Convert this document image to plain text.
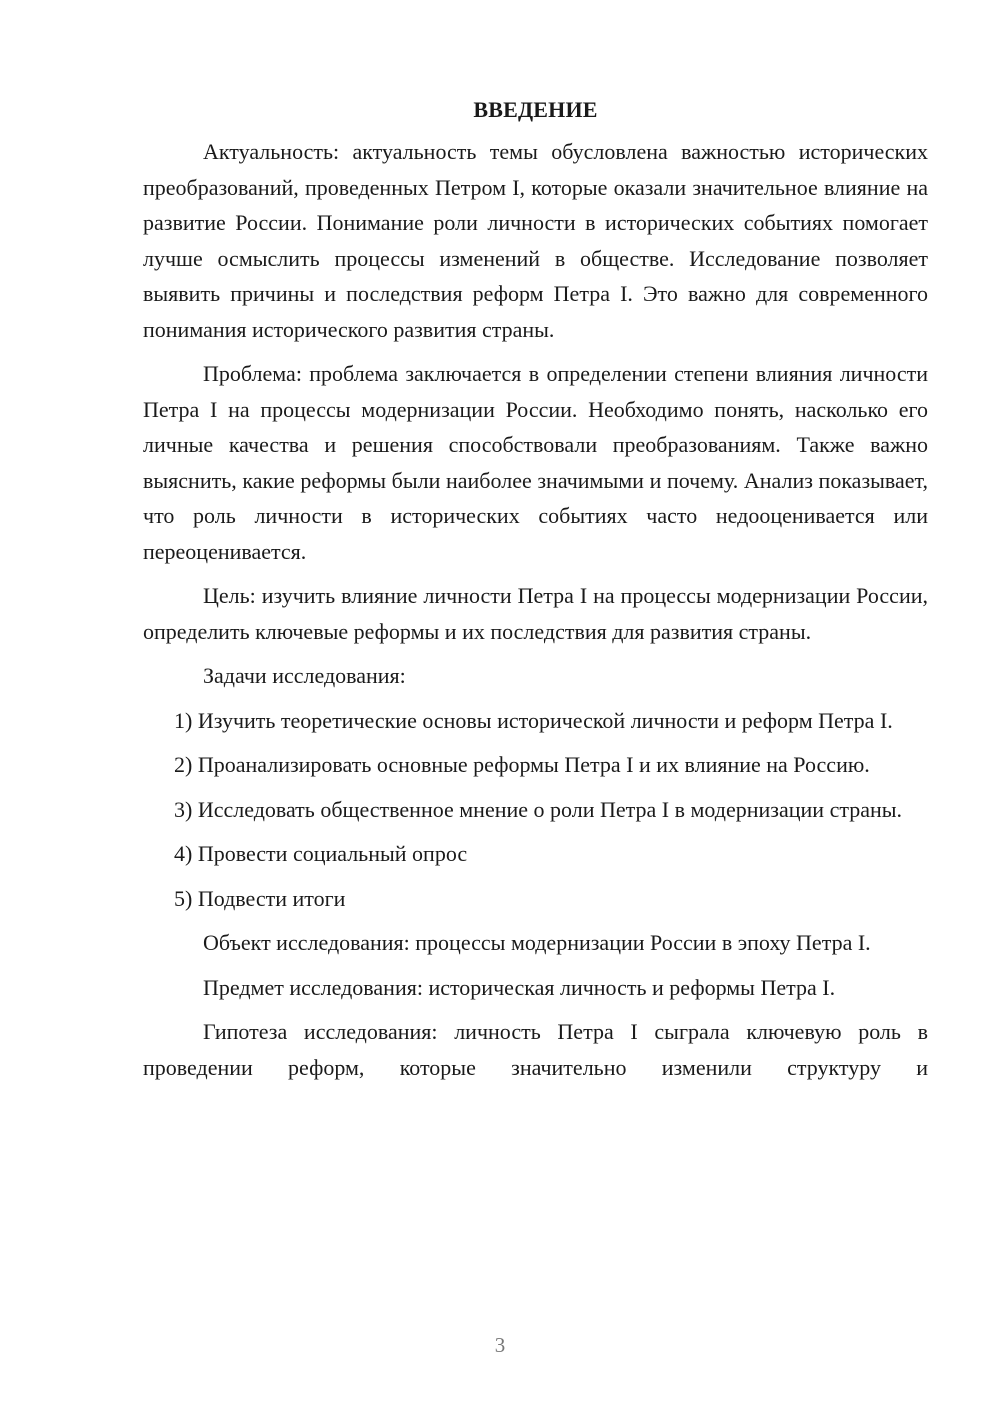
ВВЕДЕНИЕ

Актуальность: актуальность темы обусловлена важностью исторических преобразований, проведенных Петром I, которые оказали значительное влияние на развитие России. Понимание роли личности в исторических событиях помогает лучше осмыслить процессы изменений в обществе. Исследование позволяет выявить причины и последствия реформ Петра I. Это важно для современного понимания исторического развития страны.

Проблема: проблема заключается в определении степени влияния личности Петра I на процессы модернизации России. Необходимо понять, насколько его личные качества и решения способствовали преобразованиям. Также важно выяснить, какие реформы были наиболее значимыми и почему. Анализ показывает, что роль личности в исторических событиях часто недооценивается или переоценивается.

Цель: изучить влияние личности Петра I на процессы модернизации России, определить ключевые реформы и их последствия для развития страны.

Задачи исследования:

1) Изучить теоретические основы исторической личности и реформ Петра I.

2) Проанализировать основные реформы Петра I и их влияние на Россию.

3) Исследовать общественное мнение о роли Петра I в модернизации страны.

4) Провести социальный опрос

5) Подвести итоги

Объект исследования: процессы модернизации России в эпоху Петра I.

Предмет исследования: историческая личность и реформы Петра I.

Гипотеза исследования: личность Петра I сыграла ключевую роль в проведении реформ, которые значительно изменили структуру и

3
